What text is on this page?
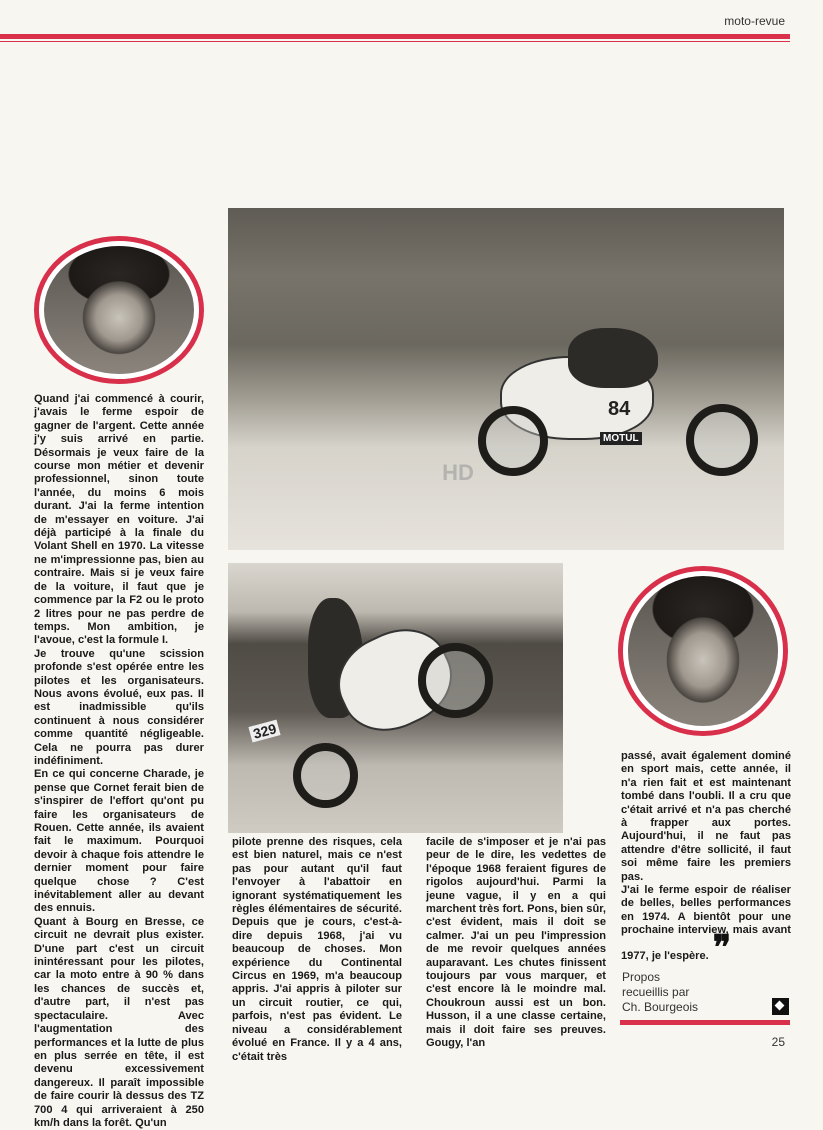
moto-revue
84
MOTUL
HD
329

Quand j'ai commencé à courir, j'avais le ferme espoir de gagner de l'argent. Cette année j'y suis arrivé en partie. Désormais je veux faire de la course mon métier et devenir professionnel, sinon toute l'année, du moins 6 mois durant. J'ai la ferme intention de m'essayer en voiture. J'ai déjà participé à la finale du Volant Shell en 1970. La vitesse ne m'impressionne pas, bien au contraire. Mais si je veux faire de la voiture, il faut que je commence par la F2 ou le proto 2 litres pour ne pas perdre de temps. Mon ambition, je l'avoue, c'est la formule I.

Je trouve qu'une scission profonde s'est opérée entre les pilotes et les organisateurs. Nous avons évolué, eux pas. Il est inadmissible qu'ils continuent à nous considérer comme quantité négligeable. Cela ne pourra pas durer indéfiniment.

En ce qui concerne Charade, je pense que Cornet ferait bien de s'inspirer de l'effort qu'ont pu faire les organisateurs de Rouen. Cette année, ils avaient fait le maximum. Pourquoi devoir à chaque fois attendre le dernier moment pour faire quelque chose ? C'est inévitablement aller au devant des ennuis.

Quant à Bourg en Bresse, ce circuit ne devrait plus exister. D'une part c'est un circuit inintéressant pour les pilotes, car la moto entre à 90 % dans les chances de succès et, d'autre part, il n'est pas spectaculaire. Avec l'augmentation des performances et la lutte de plus en plus serrée en tête, il est devenu excessivement dangereux. Il paraît impossible de faire courir là dessus des TZ 700 4 qui arriveraient à 250 km/h dans la forêt. Qu'un

pilote prenne des risques, cela est bien naturel, mais ce n'est pas pour autant qu'il faut l'envoyer à l'abattoir en ignorant systématiquement les règles élémentaires de sécurité. Depuis que je cours, c'est-à-dire depuis 1968, j'ai vu beaucoup de choses. Mon expérience du Continental Circus en 1969, m'a beaucoup appris. J'ai appris à piloter sur un circuit routier, ce qui, parfois, n'est pas évident. Le niveau a considérablement évolué en France. Il y a 4 ans, c'était très

facile de s'imposer et je n'ai pas peur de le dire, les vedettes de l'époque 1968 feraient figures de rigolos aujourd'hui. Parmi la jeune vague, il y en a qui marchent très fort. Pons, bien sûr, c'est évident, mais il doit se calmer. J'ai un peu l'impression de me revoir quelques années auparavant. Les chutes finissent toujours par vous marquer, et c'est encore là le moindre mal. Choukroun aussi est un bon. Husson, il a une classe certaine, mais il doit faire ses preuves. Gougy, l'an

passé, avait également dominé en sport mais, cette année, il n'a rien fait et est maintenant tombé dans l'oubli. Il a cru que c'était arrivé et n'a pas cherché à frapper aux portes. Aujourd'hui, il ne faut pas attendre d'être sollicité, il faut soi même faire les premiers pas.

J'ai le ferme espoir de réaliser de belles, belles performances en 1974. A bientôt pour une prochaine interview, mais avant 1977, je l'espère. ❞

Propos
recueillis par
Ch. Bourgeois
25
